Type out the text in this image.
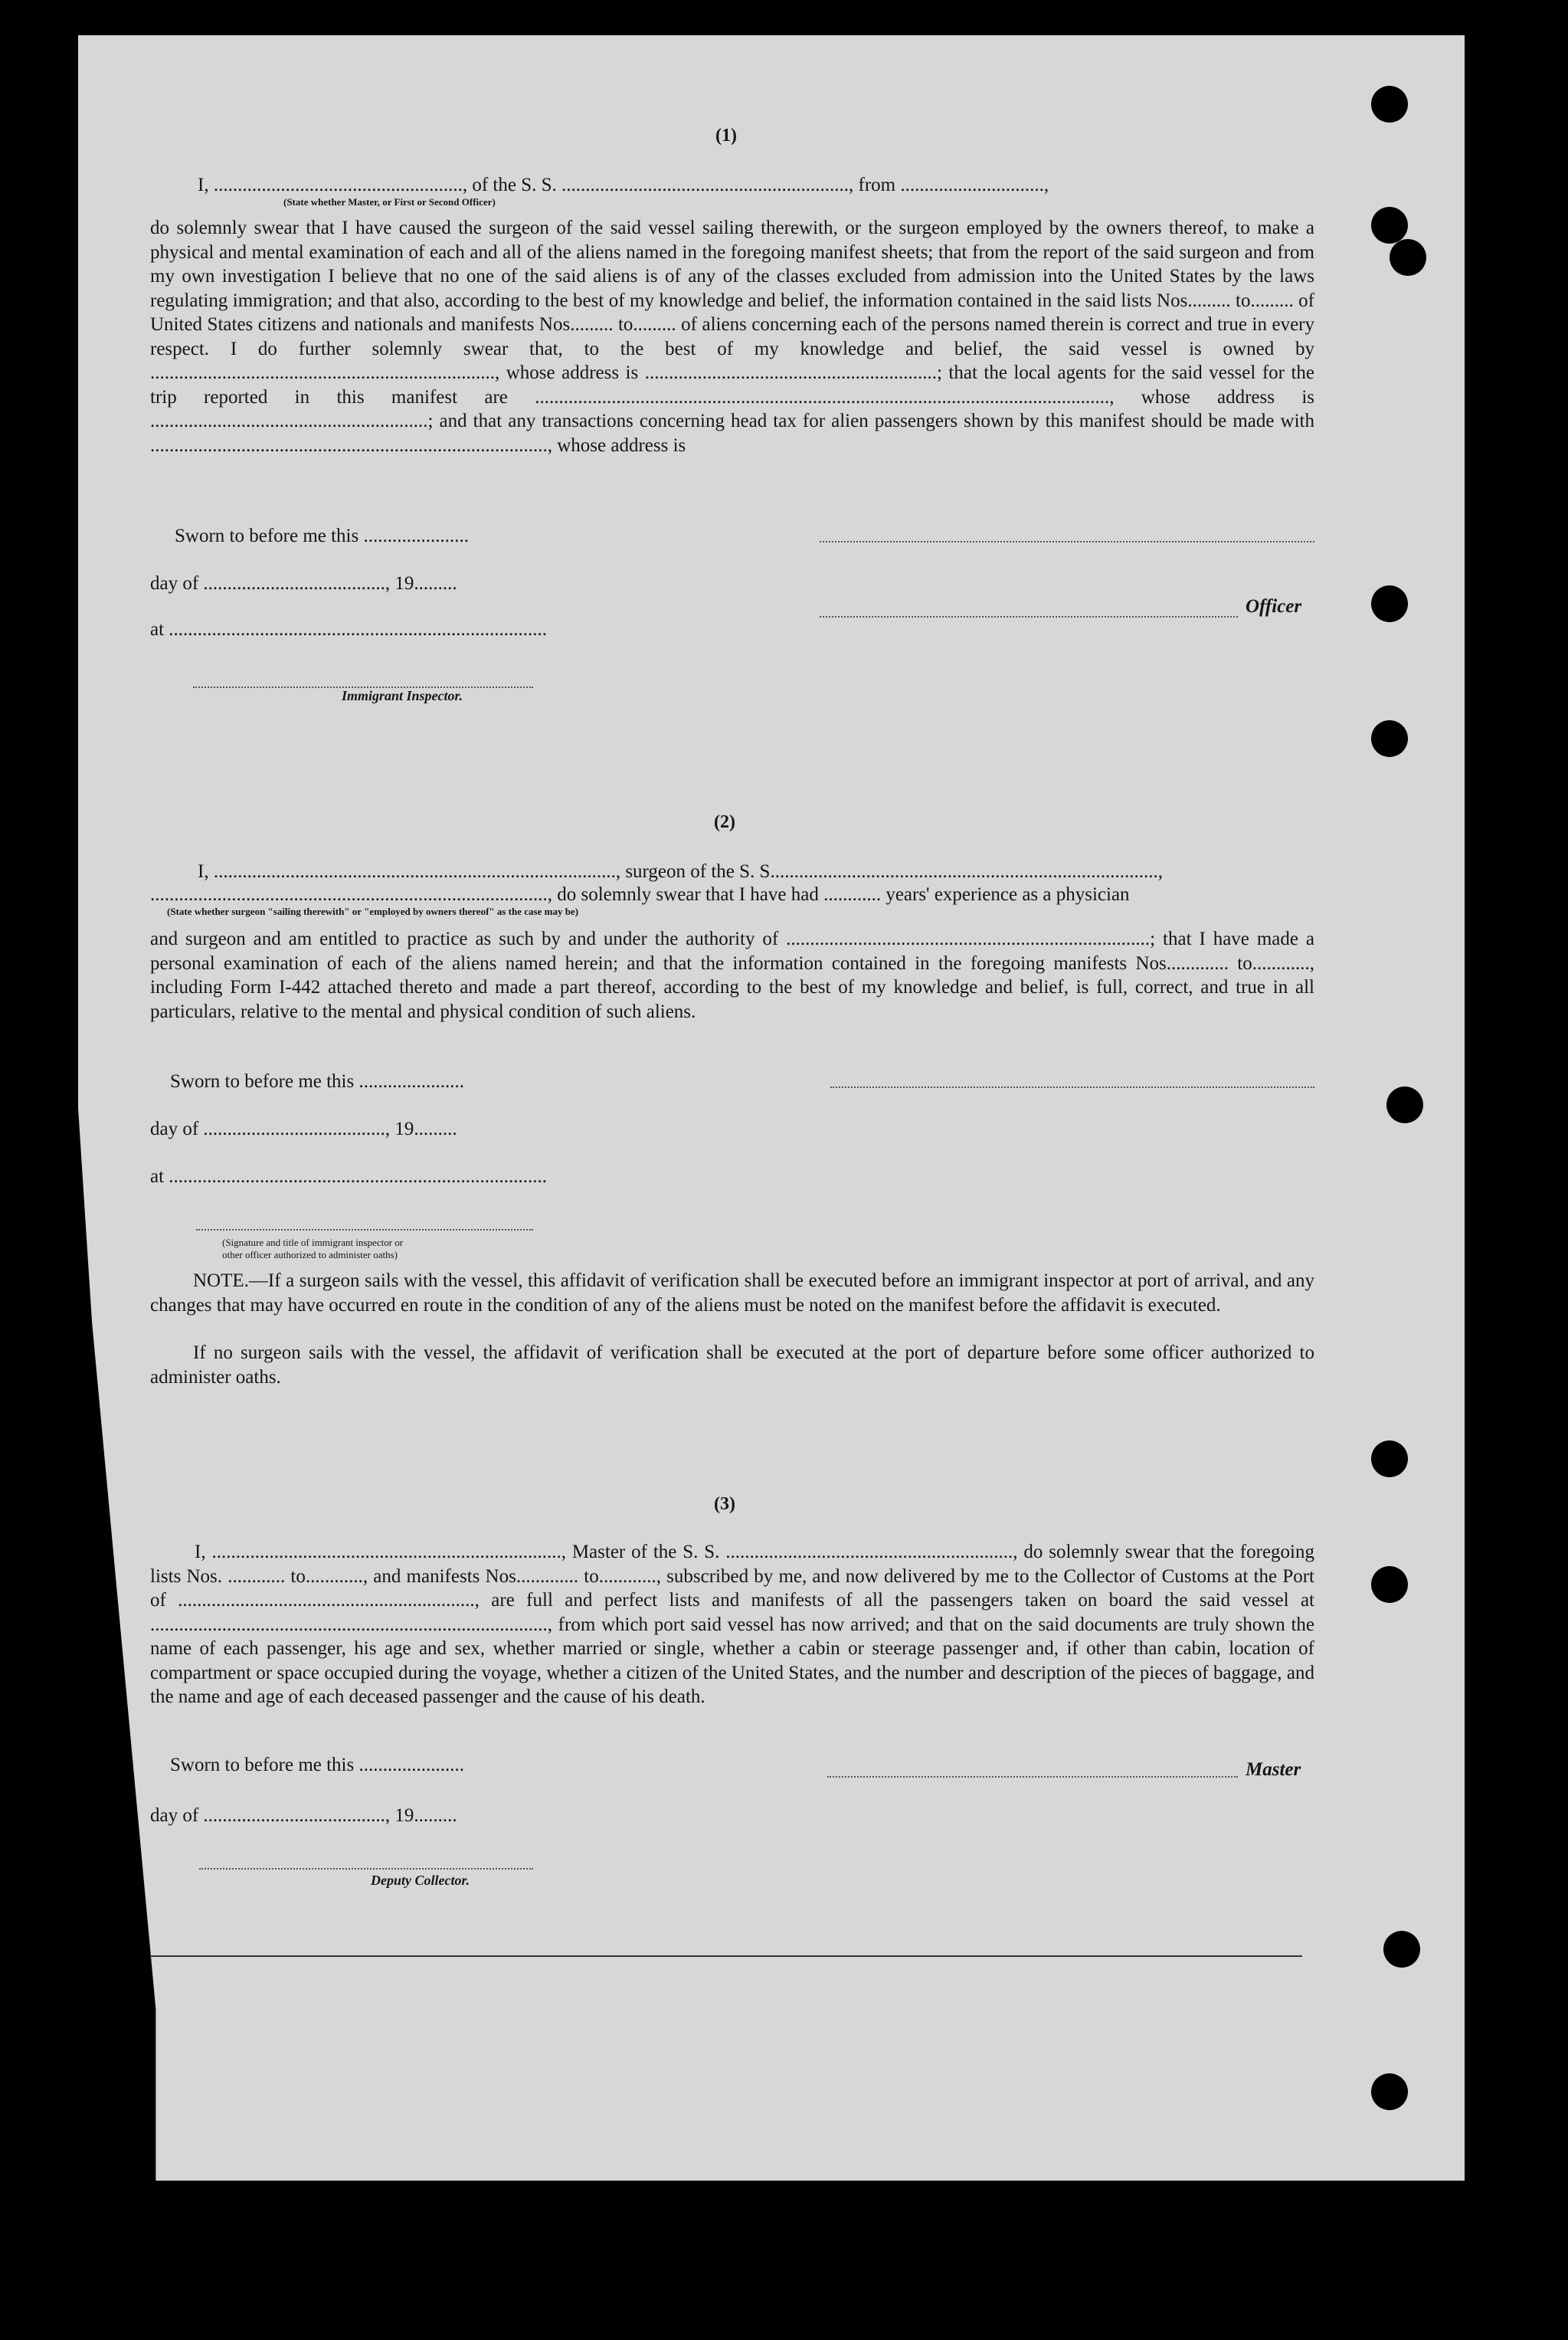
(1)
I, ...................................................., of the S. S. ............................................................, from ..............................,
(State whether Master, or First or Second Officer)
do solemnly swear that I have caused the surgeon of the said vessel sailing therewith, or the surgeon employed by the owners thereof, to make a physical and mental examination of each and all of the aliens named in the foregoing manifest sheets; that from the report of the said surgeon and from my own investigation I believe that no one of the said aliens is of any of the classes excluded from admission into the United States by the laws regulating immigration; and that also, according to the best of my knowledge and belief, the information contained in the said lists Nos......... to......... of United States citizens and nationals and manifests Nos......... to......... of aliens concerning each of the persons named therein is correct and true in every respect. I do further solemnly swear that, to the best of my knowledge and belief, the said vessel is owned by ........................................................................, whose address is .............................................................; that the local agents for the said vessel for the trip reported in this manifest are ........................................................................................................................, whose address is ..........................................................; and that any transactions concerning head tax for alien passengers shown by this manifest should be made with ..................................................................................., whose address is
Sworn to before me this ......................
day of ......................................, 19.........
at ...............................................................................
Officer
Immigrant Inspector.
(2)
I, ...................................................................................., surgeon of the S. S.................................................................................,
..................................................................................., do solemnly swear that I have had ............ years' experience as a physician
(State whether surgeon "sailing therewith" or "employed by owners thereof" as the case may be)
and surgeon and am entitled to practice as such by and under the authority of ............................................................................; that I have made a personal examination of each of the aliens named herein; and that the information contained in the foregoing manifests Nos............. to............, including Form I-442 attached thereto and made a part thereof, according to the best of my knowledge and belief, is full, correct, and true in all particulars, relative to the mental and physical condition of such aliens.
Sworn to before me this ......................
day of ......................................, 19.........
at ...............................................................................
(Signature and title of immigrant inspector or
other officer authorized to administer oaths)
NOTE.—If a surgeon sails with the vessel, this affidavit of verification shall be executed before an immigrant inspector at port of arrival, and any changes that may have occurred en route in the condition of any of the aliens must be noted on the manifest before the affidavit is executed.
If no surgeon sails with the vessel, the affidavit of verification shall be executed at the port of departure before some officer authorized to administer oaths.
(3)
I, ........................................................................., Master of the S. S. ............................................................, do solemnly swear that the foregoing lists Nos. ............ to............, and manifests Nos............. to............, subscribed by me, and now delivered by me to the Collector of Customs at the Port of .............................................................., are full and perfect lists and manifests of all the passengers taken on board the said vessel at ..................................................................................., from which port said vessel has now arrived; and that on the said documents are truly shown the name of each passenger, his age and sex, whether married or single, whether a cabin or steerage passenger and, if other than cabin, location of compartment or space occupied during the voyage, whether a citizen of the United States, and the number and description of the pieces of baggage, and the name and age of each deceased passenger and the cause of his death.
Sworn to before me this ......................
day of ......................................, 19.........
Master
Deputy Collector.
